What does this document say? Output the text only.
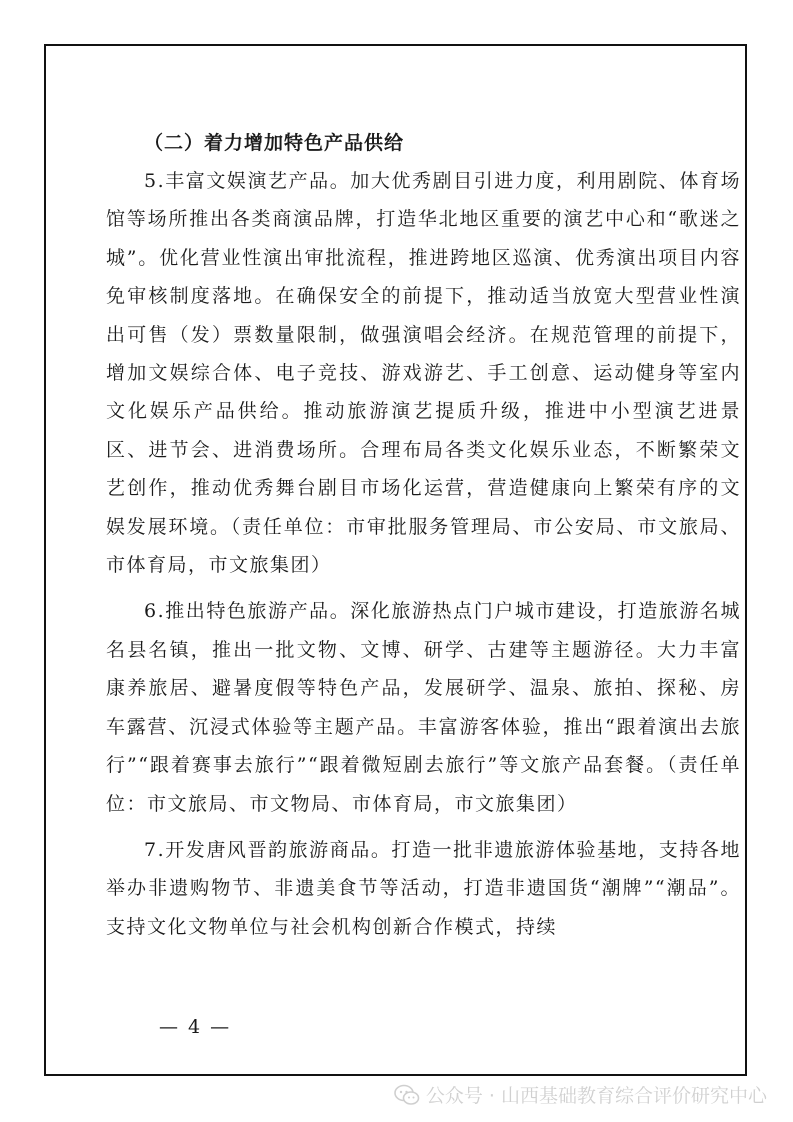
（二）着力增加特色产品供给

5.丰富文娱演艺产品。加大优秀剧目引进力度，利用剧院、体育场馆等场所推出各类商演品牌，打造华北地区重要的演艺中心和“歌迷之城”。优化营业性演出审批流程，推进跨地区巡演、优秀演出项目内容免审核制度落地。在确保安全的前提下，推动适当放宽大型营业性演出可售（发）票数量限制，做强演唱会经济。在规范管理的前提下，增加文娱综合体、电子竞技、游戏游艺、手工创意、运动健身等室内文化娱乐产品供给。推动旅游演艺提质升级，推进中小型演艺进景区、进节会、进消费场所。合理布局各类文化娱乐业态，不断繁荣文艺创作，推动优秀舞台剧目市场化运营，营造健康向上繁荣有序的文娱发展环境。（责任单位：市审批服务管理局、市公安局、市文旅局、市体育局，市文旅集团）

6.推出特色旅游产品。深化旅游热点门户城市建设，打造旅游名城名县名镇，推出一批文物、文博、研学、古建等主题游径。大力丰富康养旅居、避暑度假等特色产品，发展研学、温泉、旅拍、探秘、房车露营、沉浸式体验等主题产品。丰富游客体验，推出“跟着演出去旅行”“跟着赛事去旅行”“跟着微短剧去旅行”等文旅产品套餐。（责任单位：市文旅局、市文物局、市体育局，市文旅集团）

7.开发唐风晋韵旅游商品。打造一批非遗旅游体验基地，支持各地举办非遗购物节、非遗美食节等活动，打造非遗国货“潮牌”“潮品”。支持文化文物单位与社会机构创新合作模式，持续

— 4 —
公众号 · 山西基础教育综合评价研究中心
